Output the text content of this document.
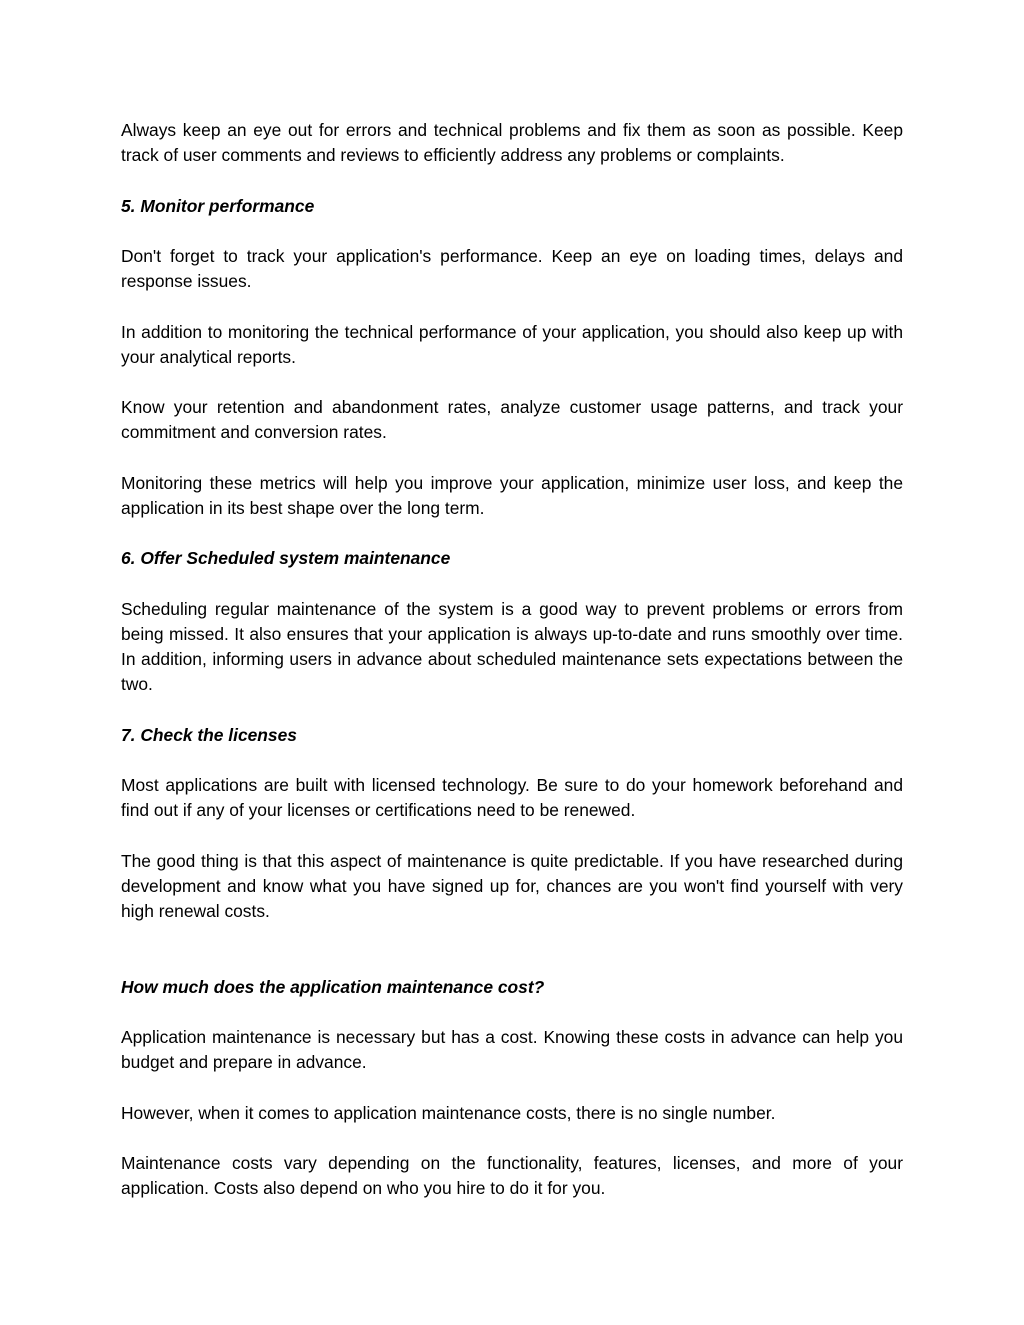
Always keep an eye out for errors and technical problems and fix them as soon as possible. Keep track of user comments and reviews to efficiently address any problems or complaints.

5. Monitor performance

Don't forget to track your application's performance. Keep an eye on loading times, delays and response issues.

In addition to monitoring the technical performance of your application, you should also keep up with your analytical reports.

Know your retention and abandonment rates, analyze customer usage patterns, and track your commitment and conversion rates.

Monitoring these metrics will help you improve your application, minimize user loss, and keep the application in its best shape over the long term.

6. Offer Scheduled system maintenance

Scheduling regular maintenance of the system is a good way to prevent problems or errors from being missed. It also ensures that your application is always up-to-date and runs smoothly over time. In addition, informing users in advance about scheduled maintenance sets expectations between the two.

7. Check the licenses

Most applications are built with licensed technology. Be sure to do your homework beforehand and find out if any of your licenses or certifications need to be renewed.

The good thing is that this aspect of maintenance is quite predictable. If you have researched during development and know what you have signed up for, chances are you won't find yourself with very high renewal costs.

How much does the application maintenance cost?

Application maintenance is necessary but has a cost. Knowing these costs in advance can help you budget and prepare in advance.

However, when it comes to application maintenance costs, there is no single number.

Maintenance costs vary depending on the functionality, features, licenses, and more of your application. Costs also depend on who you hire to do it for you.
